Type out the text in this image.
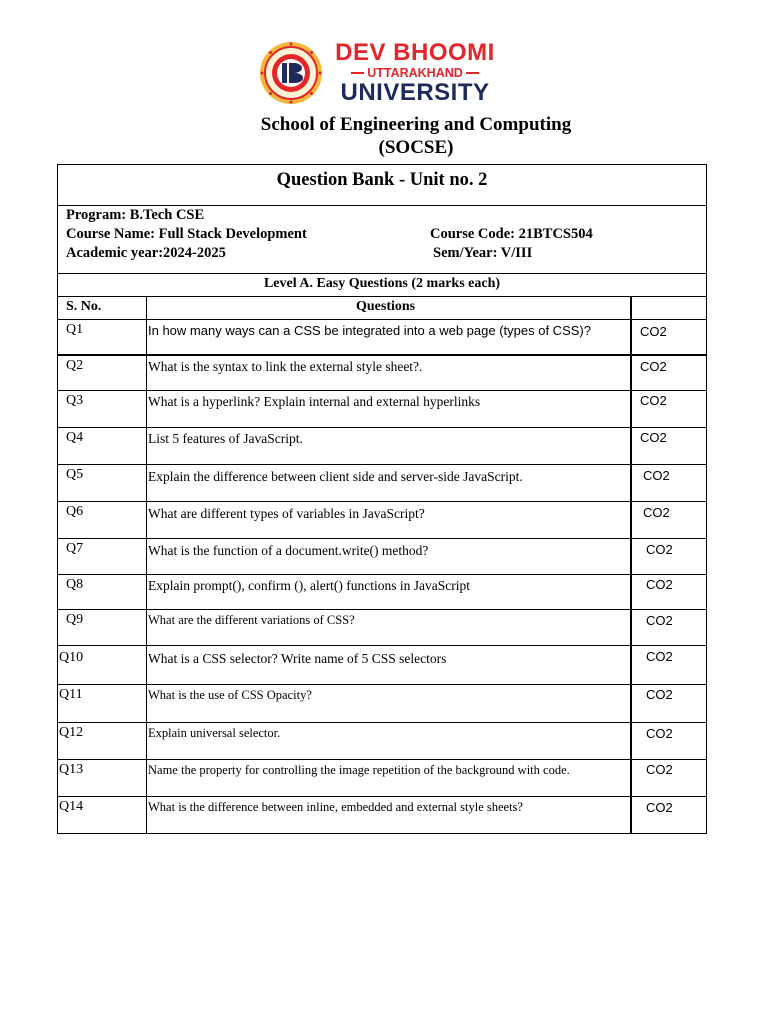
DEV BHOOMI
UTTARAKHAND
UNIVERSITY
School of Engineering and Computing
(SOCSE)
Question Bank - Unit no. 2
Program: B.Tech CSE
Course Name: Full Stack Development	Course Code: 21BTCS504
Academic year:2024-2025	Sem/Year: V/III
Level A. Easy Questions (2 marks each)
S. No.	Questions
Q1	In how many ways can a CSS be integrated into a web page (types of CSS)?	CO2
Q2	What is the syntax to link the external style sheet?.	CO2
Q3	What is a hyperlink? Explain internal and external hyperlinks	CO2
Q4	List 5 features of JavaScript.	CO2
Q5	Explain the difference between client side and server-side JavaScript.	CO2
Q6	What are different types of variables in JavaScript?	CO2
Q7	What is the function of a document.write() method?	CO2
Q8	Explain prompt(), confirm (), alert() functions in JavaScript	CO2
Q9	What are the different variations of CSS?	CO2
Q10	What is a CSS selector? Write name of 5 CSS selectors	CO2
Q11	What is the use of CSS Opacity?	CO2
Q12	Explain universal selector.	CO2
Q13	Name the property for controlling the image repetition of the background with code.	CO2
Q14	What is the difference between inline, embedded and external style sheets?	CO2
